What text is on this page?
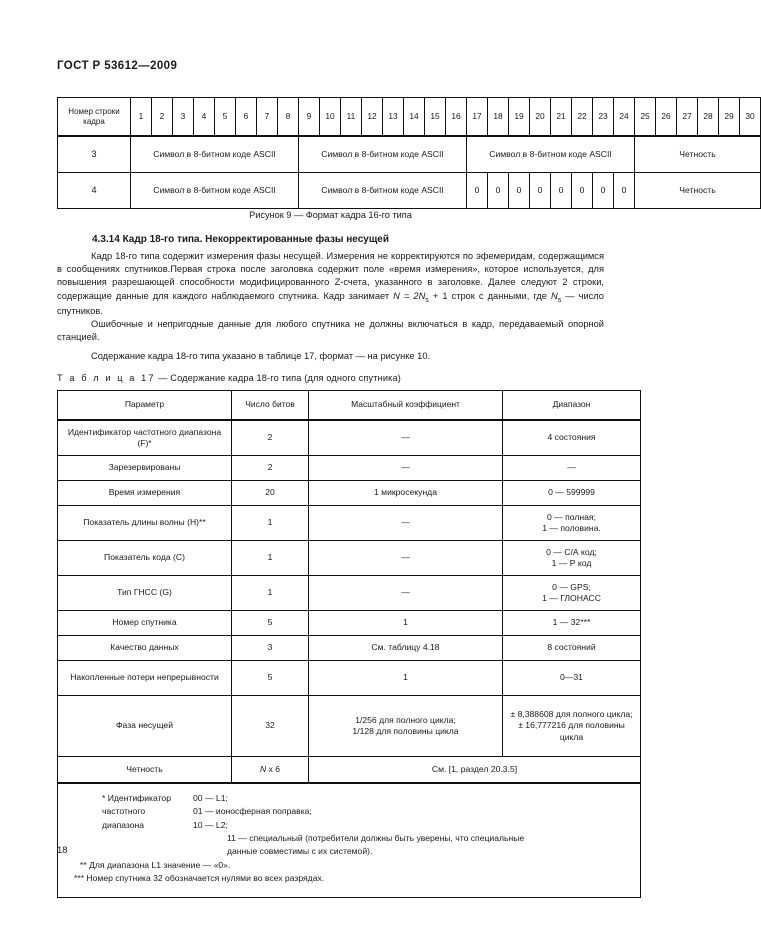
ГОСТ Р 53612—2009
Номер строки кадра	1	2	3	4	5	6	7	8	9	10	11	12	13	14	15	16	17	18	19	20	21	22	23	24	25	26	27	28	29	30
3	Символ в 8-битном коде ASCII								Символ в 8-битном коде ASCII								Символ в 8-битном коде ASCII								Четность					
4	Символ в 8-битном коде ASCII								Символ в 8-битном коде ASCII								0	0	0	0	0	0	0	0	Четность					
Рисунок 9 — Формат кадра 16-го типа
4.3.14 Кадр 18-го типа. Некорректированные фазы несущей
Кадр 18-го типа содержит измерения фазы несущей. Измерения не корректируются по эфемеридам, содержащимся в сообщениях спутников.Первая строка после заголовка содержит поле «время измерения», которое используется, для повышения разрешающей способности модифицированного Z-счета, указанного в заголовке. Далее следуют 2 строки, содержащие данные для каждого наблюдаемого спутника. Кадр занимает $N = 2N_s + 1$ строк с данными, где $N_s$ — число спутников.
Ошибочные и непригодные данные для любого спутника не должны включаться в кадр, передаваемый опорной станцией.
Содержание кадра 18-го типа указано в таблице 17, формат — на рисунке 10.
Т а б л и ц а 17 — Содержание кадра 18-го типа (для одного спутника)
Параметр	Число битов	Масштабный коэффициент	Диапазон
Идентификатор частотного диапазона (F)*	2	—	4 состояния
Зарезервированы	2	—	—
Время измерения	20	1 микросекунда	0 — 599999
Показатель длины волны (Н)**	1	—	0 — полная;
1 — половина.
Показатель кода (С)	1	—	0 — С/А код;
1 — Р код
Тип ГНСС (G)	1	—	0 — GPS;
1 — ГЛОНАСС
Номер спутника	5	1	1 — 32***
Качество данных	3	См. таблицу 4.18	8 состояний
Накопленные потери непрерывности	5	1	0—31
Фаза несущей	32	1/256 для полного цикла;
1/128 для половины цикла	± 8,388608 для полного цикла;
± 16,777216 для половины цикла
Четность	N x 6	См. [1, раздел 20.3.5]	

* Идентификатор	00 — L1;
частотного	01 — ионосферная поправка;
диапазона	10 — L2;
11 — специальный (потребители должны быть уверены, что специальные
данные совместимы с их системой).
** Для диапазона L1 значение — «0».
*** Номер спутника 32 обозначается нулями во всех разрядах.
18
